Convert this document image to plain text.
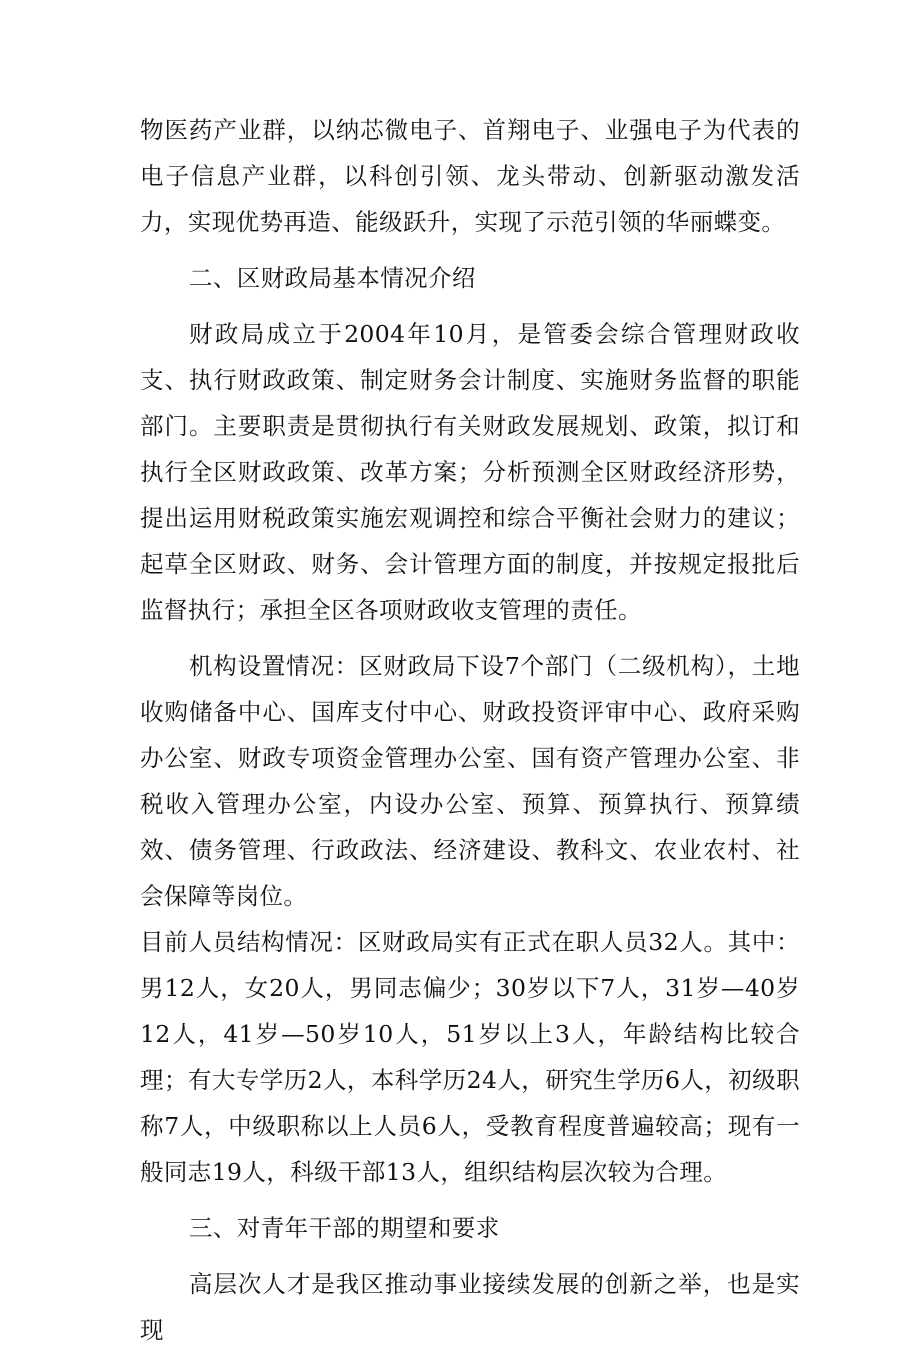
物医药产业群，以纳芯微电子、首翔电子、业强电子为代表的电子信息产业群，以科创引领、龙头带动、创新驱动激发活力，实现优势再造、能级跃升，实现了示范引领的华丽蝶变。

二、区财政局基本情况介绍

财政局成立于2004年10月，是管委会综合管理财政收支、执行财政政策、制定财务会计制度、实施财务监督的职能部门。主要职责是贯彻执行有关财政发展规划、政策，拟订和执行全区财政政策、改革方案；分析预测全区财政经济形势，提出运用财税政策实施宏观调控和综合平衡社会财力的建议；起草全区财政、财务、会计管理方面的制度，并按规定报批后监督执行；承担全区各项财政收支管理的责任。

机构设置情况：区财政局下设7个部门（二级机构），土地收购储备中心、国库支付中心、财政投资评审中心、政府采购办公室、财政专项资金管理办公室、国有资产管理办公室、非税收入管理办公室，内设办公室、预算、预算执行、预算绩效、债务管理、行政政法、经济建设、教科文、农业农村、社会保障等岗位。

目前人员结构情况：区财政局实有正式在职人员32人。其中：男12人，女20人，男同志偏少；30岁以下7人，31岁—40岁12人，41岁—50岁10人，51岁以上3人，年龄结构比较合理；有大专学历2人，本科学历24人，研究生学历6人，初级职称7人，中级职称以上人员6人，受教育程度普遍较高；现有一般同志19人，科级干部13人，组织结构层次较为合理。

三、对青年干部的期望和要求

高层次人才是我区推动事业接续发展的创新之举，也是实现
